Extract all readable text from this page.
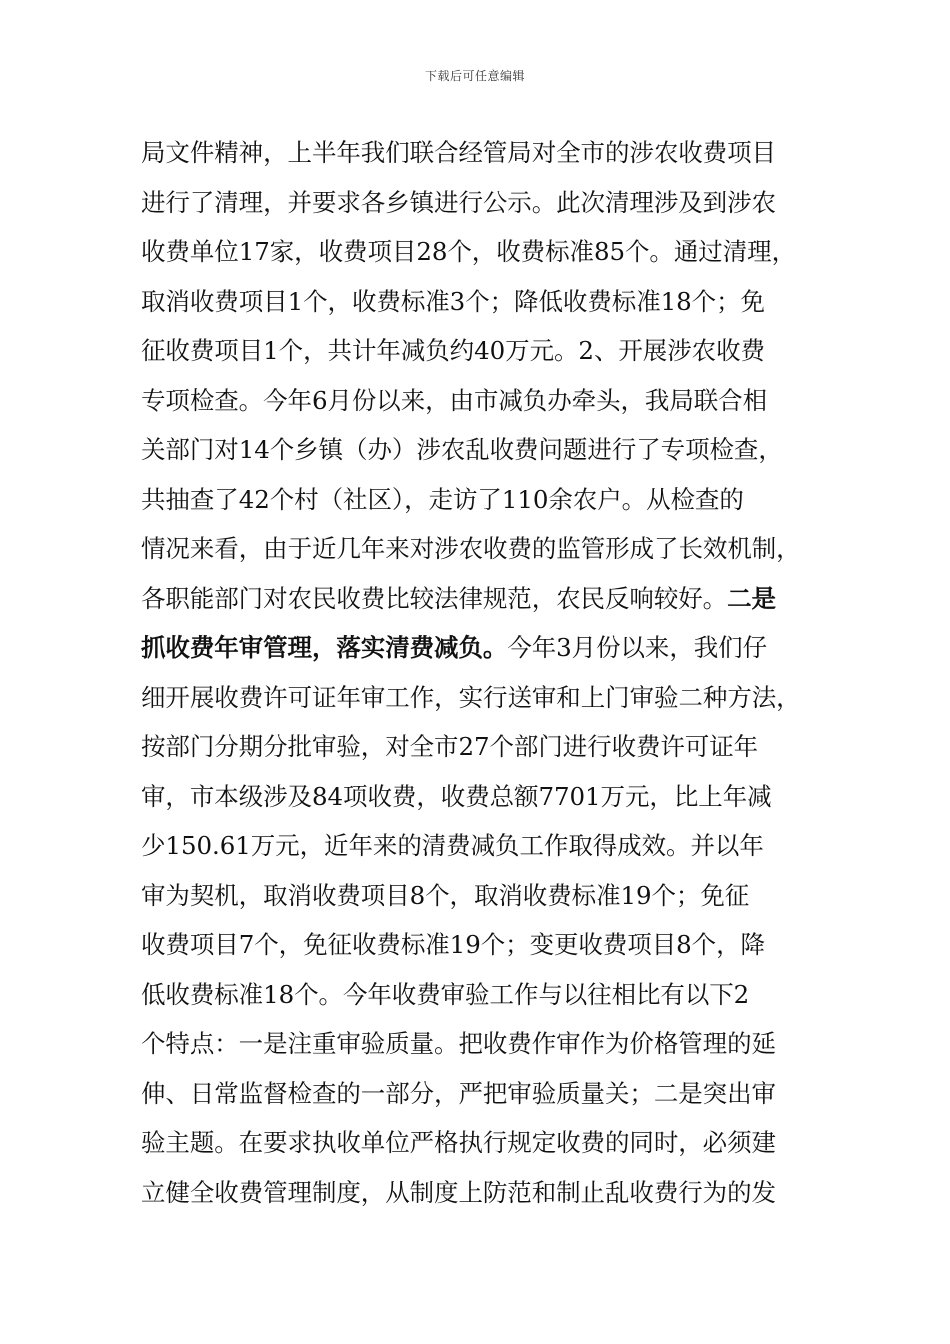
下载后可任意编辑
局文件精神，上半年我们联合经管局对全市的涉农收费项目
进行了清理，并要求各乡镇进行公示。此次清理涉及到涉农
收费单位17家，收费项目28个，收费标准85个。通过清理，
取消收费项目1个，收费标准3个；降低收费标准18个；免
征收费项目1个，共计年减负约40万元。2、开展涉农收费
专项检查。今年6月份以来，由市减负办牵头，我局联合相
关部门对14个乡镇（办）涉农乱收费问题进行了专项检查，
共抽查了42个村（社区），走访了110余农户。从检查的
情况来看，由于近几年来对涉农收费的监管形成了长效机制，
各职能部门对农民收费比较法律规范，农民反响较好。二是
抓收费年审管理，落实清费减负。今年3月份以来，我们仔
细开展收费许可证年审工作，实行送审和上门审验二种方法，
按部门分期分批审验，对全市27个部门进行收费许可证年
审，市本级涉及84项收费，收费总额7701万元，比上年减
少150.61万元，近年来的清费减负工作取得成效。并以年
审为契机，取消收费项目8个，取消收费标准19个；免征
收费项目7个，免征收费标准19个；变更收费项目8个，降
低收费标准18个。今年收费审验工作与以往相比有以下2
个特点：一是注重审验质量。把收费作审作为价格管理的延
伸、日常监督检查的一部分，严把审验质量关；二是突出审
验主题。在要求执收单位严格执行规定收费的同时，必须建
立健全收费管理制度，从制度上防范和制止乱收费行为的发
